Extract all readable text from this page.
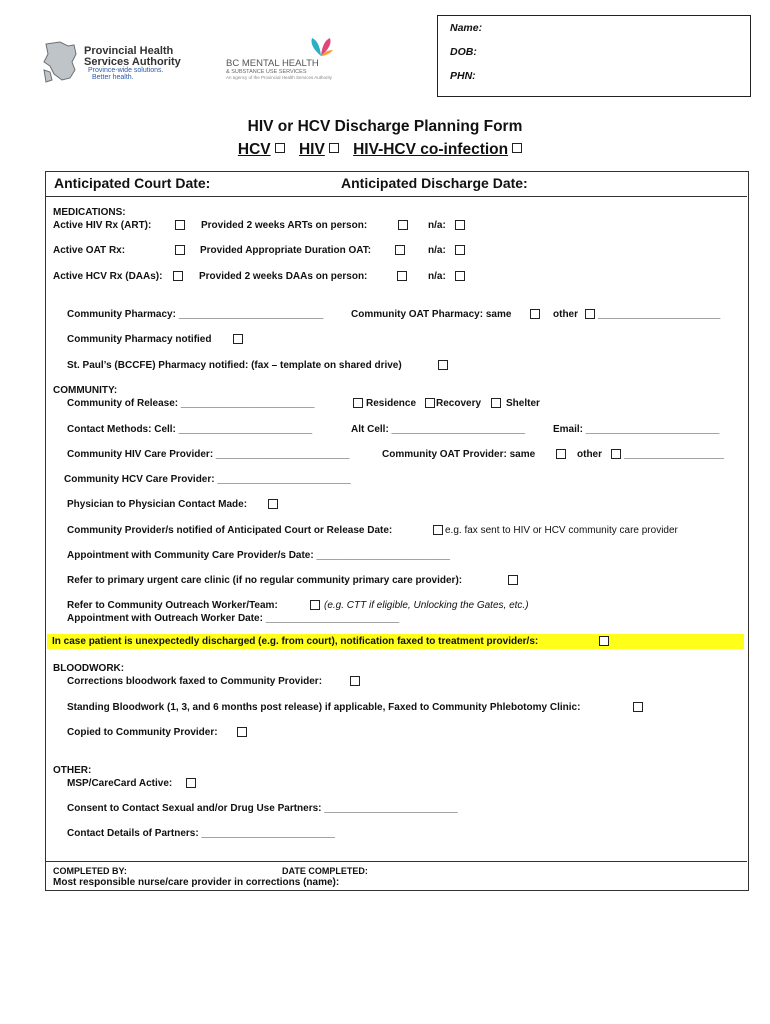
Name:
DOB:
PHN:
Provincial Health
Services Authority
Province-wide solutions.
Better health.
BC MENTAL HEALTH
& SUBSTANCE USE SERVICES
An agency of the Provincial Health Services Authority
HIV or HCV Discharge Planning Form
HCV HIV HIV-HCV co-infection
Anticipated Court Date:	Anticipated Discharge Date:
MEDICATIONS:
Active HIV Rx (ART):	Provided 2 weeks ARTs on person:	n/a:
Active OAT Rx:	Provided Appropriate Duration OAT:	n/a:
Active HCV Rx (DAAs):	Provided 2 weeks DAAs on person:	n/a:
Community Pharmacy: __________________________	Community OAT Pharmacy: same	other ______________________
Community Pharmacy notified
St. Paul’s (BCCFE) Pharmacy notified: (fax – template on shared drive)
COMMUNITY:
Community of Release: ________________________	Residence Recovery Shelter
Contact Methods: Cell: ________________________	Alt Cell: ________________________	Email: ________________________
Community HIV Care Provider: ________________________	Community OAT Provider: same	other __________________
Community HCV Care Provider: ________________________
Physician to Physician Contact Made:
Community Provider/s notified of Anticipated Court or Release Date:	e.g. fax sent to HIV or HCV community care provider
Appointment with Community Care Provider/s Date: ________________________
Refer to primary urgent care clinic (if no regular community primary care provider):
Refer to Community Outreach Worker/Team:	(e.g. CTT if eligible, Unlocking the Gates, etc.)
Appointment with Outreach Worker Date: ________________________
In case patient is unexpectedly discharged (e.g. from court), notification faxed to treatment provider/s:
BLOODWORK:
Corrections bloodwork faxed to Community Provider:
Standing Bloodwork (1, 3, and 6 months post release) if applicable, Faxed to Community Phlebotomy Clinic:
Copied to Community Provider:
OTHER:
MSP/CareCard Active:
Consent to Contact Sexual and/or Drug Use Partners: ________________________
Contact Details of Partners: ________________________
COMPLETED BY:	DATE COMPLETED:
Most responsible nurse/care provider in corrections (name):
